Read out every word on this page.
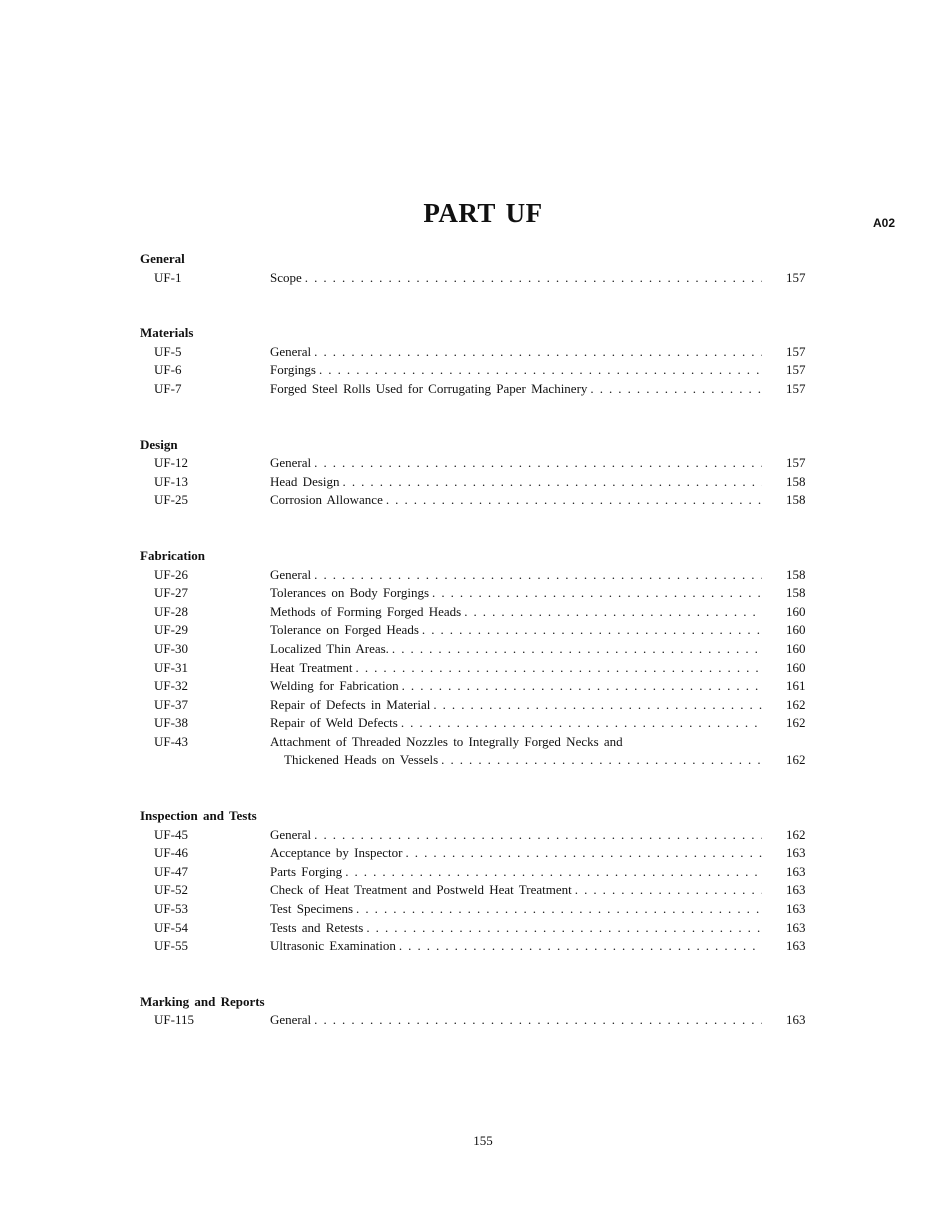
PART UF	A02
General
UF-1	Scope . . .	157
Materials
UF-5	General . . .	157
UF-6	Forgings . . .	157
UF-7	Forged Steel Rolls Used for Corrugating Paper Machinery . . .	157
Design
UF-12	General . . .	157
UF-13	Head Design . . .	158
UF-25	Corrosion Allowance . . .	158
Fabrication
UF-26	General . . .	158
UF-27	Tolerances on Body Forgings . . .	158
UF-28	Methods of Forming Forged Heads . . .	160
UF-29	Tolerance on Forged Heads . . .	160
UF-30	Localized Thin Areas. . . .	160
UF-31	Heat Treatment . . .	160
UF-32	Welding for Fabrication . . .	161
UF-37	Repair of Defects in Material . . .	162
UF-38	Repair of Weld Defects . . .	162
UF-43	Attachment of Threaded Nozzles to Integrally Forged Necks and
Thickened Heads on Vessels . . .	162
Inspection and Tests
UF-45	General . . .	162
UF-46	Acceptance by Inspector . . .	163
UF-47	Parts Forging . . .	163
UF-52	Check of Heat Treatment and Postweld Heat Treatment . . .	163
UF-53	Test Specimens . . .	163
UF-54	Tests and Retests . . .	163
UF-55	Ultrasonic Examination . . .	163
Marking and Reports
UF-115	General . . .	163
155
